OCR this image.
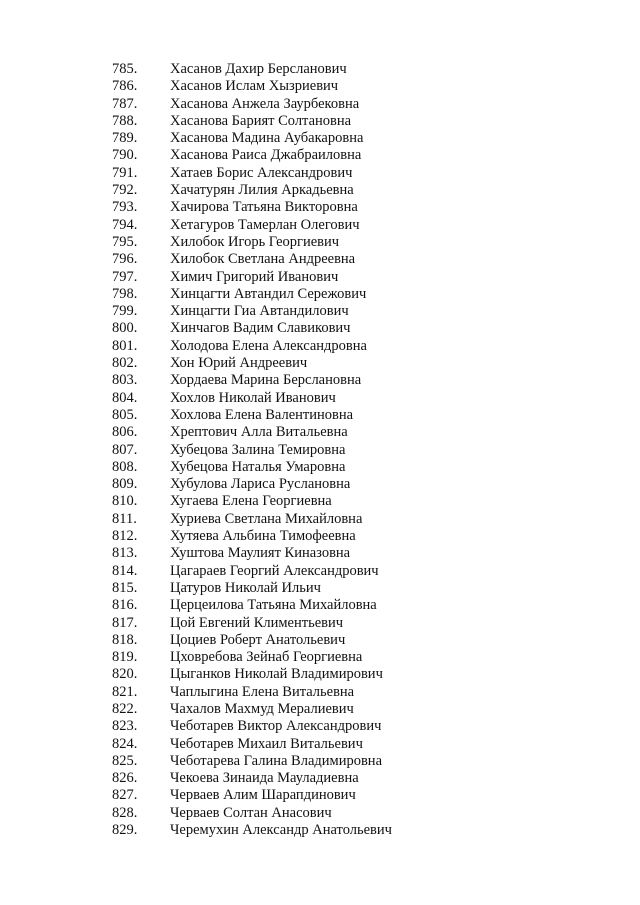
785. Хасанов Дахир Берсланович
786. Хасанов Ислам Хызриевич
787. Хасанова Анжела Заурбековна
788. Хасанова Барият Солтановна
789. Хасанова Мадина Аубакаровна
790. Хасанова Раиса Джабраиловна
791. Хатаев Борис Александрович
792. Хачатурян Лилия Аркадьевна
793. Хачирова Татьяна Викторовна
794. Хетагуров Тамерлан Олегович
795. Хилобок Игорь Георгиевич
796. Хилобок Светлана Андреевна
797. Химич Григорий Иванович
798. Хинцагти Автандил Сережович
799. Хинцагти Гиа Автандилович
800. Хинчагов Вадим Славикович
801. Холодова Елена Александровна
802. Хон Юрий Андреевич
803. Хордаева Марина Берслановна
804. Хохлов Николай Иванович
805. Хохлова Елена Валентиновна
806. Хрептович Алла Витальевна
807. Хубецова Залина Темировна
808. Хубецова Наталья Умаровна
809. Хубулова Лариса Руслановна
810. Хугаева Елена Георгиевна
811. Хуриева Светлана Михайловна
812. Хутяева Альбина Тимофеевна
813. Хуштова Маулият Киназовна
814. Цагараев Георгий Александрович
815. Цатуров Николай Ильич
816. Церцеилова Татьяна Михайловна
817. Цой Евгений Климентьевич
818. Цоциев Роберт Анатольевич
819. Цховребова Зейнаб Георгиевна
820. Цыганков Николай Владимирович
821. Чаплыгина Елена Витальевна
822. Чахалов Махмуд Мералиевич
823. Чеботарев Виктор Александрович
824. Чеботарев Михаил Витальевич
825. Чеботарева Галина Владимировна
826. Чекоева Зинаида Мауладиевна
827. Черваев Алим Шарапдинович
828. Черваев Солтан Анасович
829. Черемухин Александр Анатольевич
